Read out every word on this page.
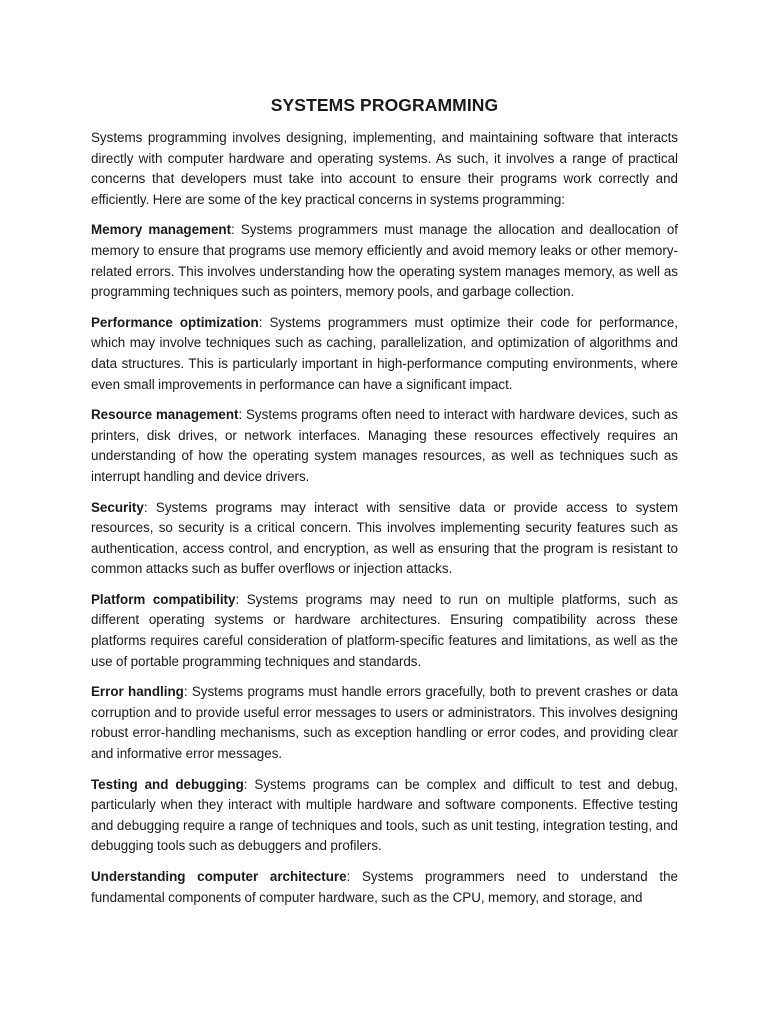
SYSTEMS PROGRAMMING

Systems programming involves designing, implementing, and maintaining software that interacts directly with computer hardware and operating systems. As such, it involves a range of practical concerns that developers must take into account to ensure their programs work correctly and efficiently. Here are some of the key practical concerns in systems programming:

Memory management: Systems programmers must manage the allocation and deallocation of memory to ensure that programs use memory efficiently and avoid memory leaks or other memory-related errors. This involves understanding how the operating system manages memory, as well as programming techniques such as pointers, memory pools, and garbage collection.

Performance optimization: Systems programmers must optimize their code for performance, which may involve techniques such as caching, parallelization, and optimization of algorithms and data structures. This is particularly important in high-performance computing environments, where even small improvements in performance can have a significant impact.

Resource management: Systems programs often need to interact with hardware devices, such as printers, disk drives, or network interfaces. Managing these resources effectively requires an understanding of how the operating system manages resources, as well as techniques such as interrupt handling and device drivers.

Security: Systems programs may interact with sensitive data or provide access to system resources, so security is a critical concern. This involves implementing security features such as authentication, access control, and encryption, as well as ensuring that the program is resistant to common attacks such as buffer overflows or injection attacks.

Platform compatibility: Systems programs may need to run on multiple platforms, such as different operating systems or hardware architectures. Ensuring compatibility across these platforms requires careful consideration of platform-specific features and limitations, as well as the use of portable programming techniques and standards.

Error handling: Systems programs must handle errors gracefully, both to prevent crashes or data corruption and to provide useful error messages to users or administrators. This involves designing robust error-handling mechanisms, such as exception handling or error codes, and providing clear and informative error messages.

Testing and debugging: Systems programs can be complex and difficult to test and debug, particularly when they interact with multiple hardware and software components. Effective testing and debugging require a range of techniques and tools, such as unit testing, integration testing, and debugging tools such as debuggers and profilers.

Understanding computer architecture: Systems programmers need to understand the fundamental components of computer hardware, such as the CPU, memory, and storage, and
